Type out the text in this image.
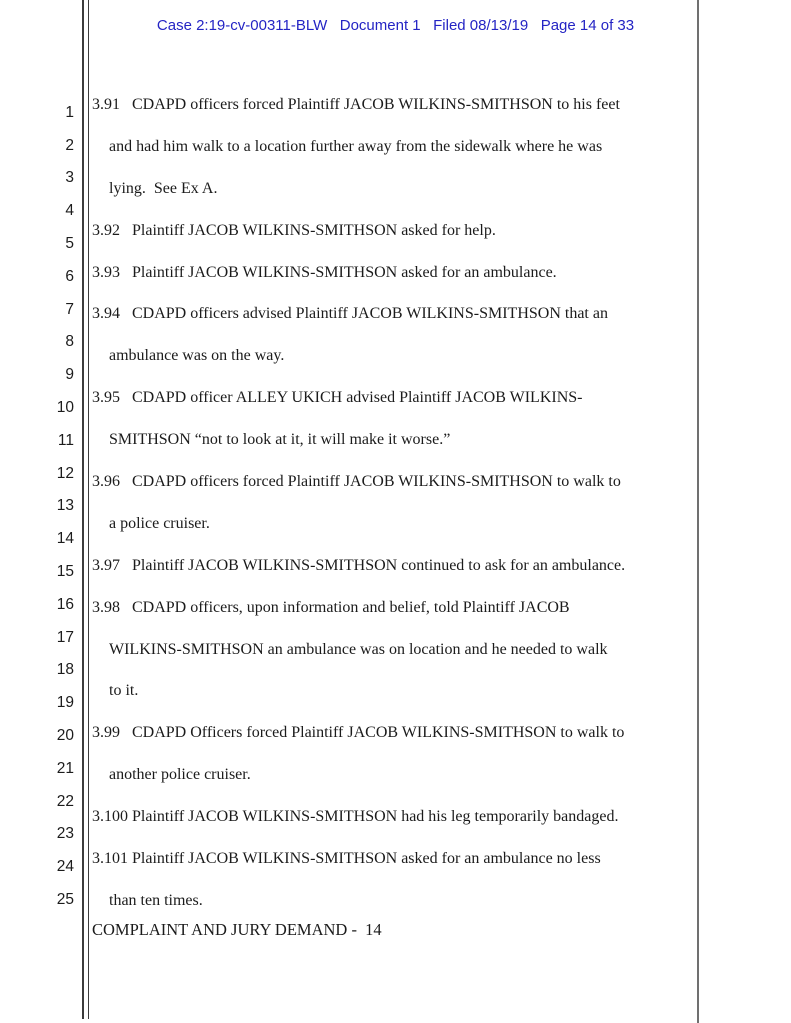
Case 2:19-cv-00311-BLW   Document 1   Filed 08/13/19   Page 14 of 33
1
2
3
4
5
6
7
8
9
10
11
12
13
14
15
16
17
18
19
20
21
22
23
24
25
3.91 CDAPD officers forced Plaintiff JACOB WILKINS-SMITHSON to his feet
and had him walk to a location further away from the sidewalk where he was
lying.  See Ex A.
3.92 Plaintiff JACOB WILKINS-SMITHSON asked for help.
3.93 Plaintiff JACOB WILKINS-SMITHSON asked for an ambulance.
3.94 CDAPD officers advised Plaintiff JACOB WILKINS-SMITHSON that an
ambulance was on the way.
3.95 CDAPD officer ALLEY UKICH advised Plaintiff JACOB WILKINS-
SMITHSON “not to look at it, it will make it worse.”
3.96 CDAPD officers forced Plaintiff JACOB WILKINS-SMITHSON to walk to
a police cruiser.
3.97 Plaintiff JACOB WILKINS-SMITHSON continued to ask for an ambulance.
3.98 CDAPD officers, upon information and belief, told Plaintiff JACOB
WILKINS-SMITHSON an ambulance was on location and he needed to walk
to it.
3.99 CDAPD Officers forced Plaintiff JACOB WILKINS-SMITHSON to walk to
another police cruiser.
3.100 Plaintiff JACOB WILKINS-SMITHSON had his leg temporarily bandaged.
3.101 Plaintiff JACOB WILKINS-SMITHSON asked for an ambulance no less
than ten times.
COMPLAINT AND JURY DEMAND -  14
